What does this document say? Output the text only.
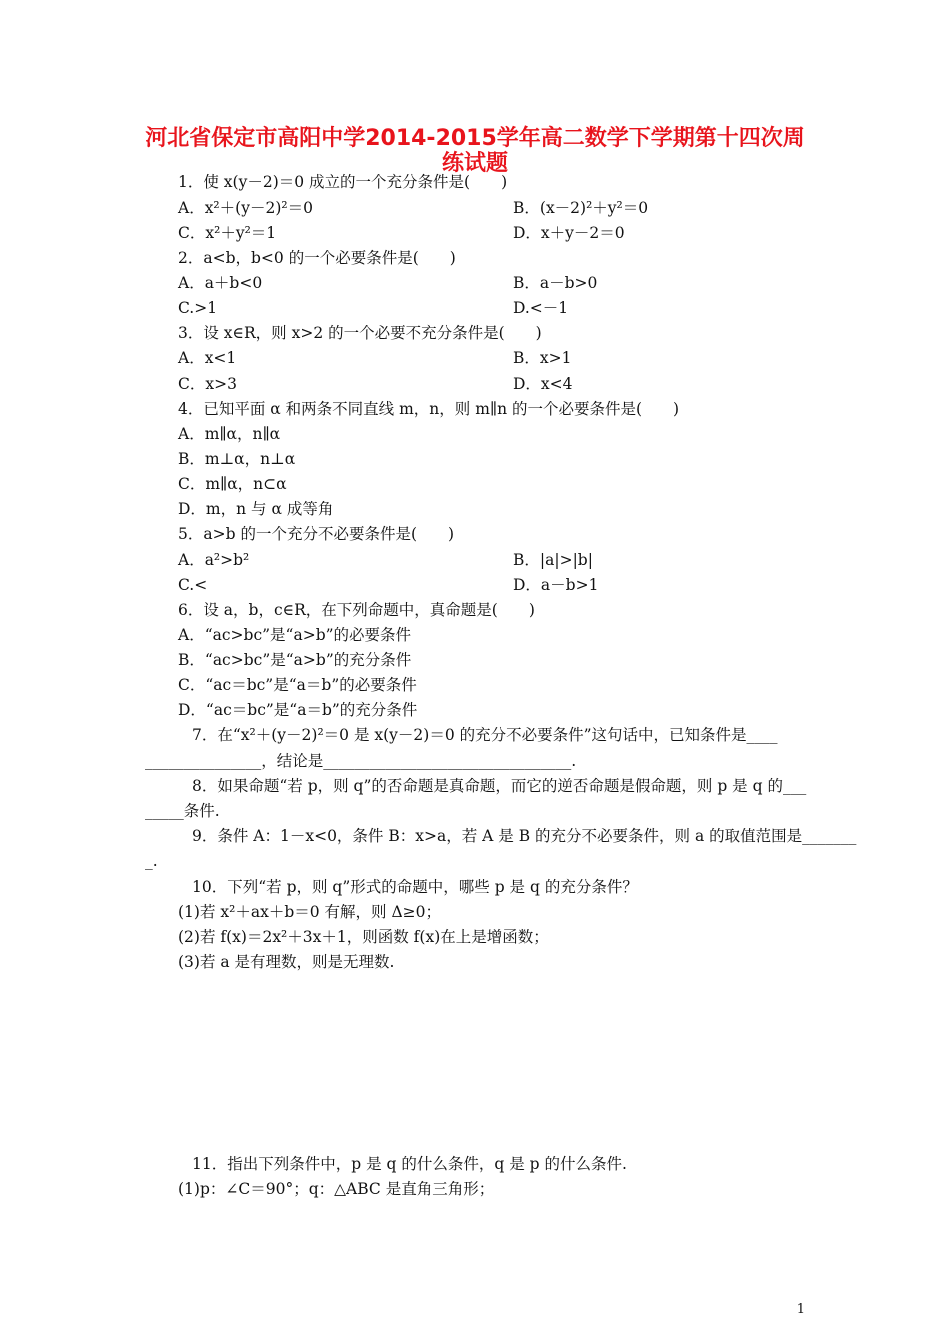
河北省保定市高阳中学2014-2015学年高二数学下学期第十四次周
练试题
1．使 x(y－2)＝0 成立的一个充分条件是(　　)
A．x²＋(y－2)²＝0	B．(x－2)²＋y²＝0
C．x²＋y²＝1	D．x＋y－2＝0
2．a<b，b<0 的一个必要条件是(　　)
A．a＋b<0	B．a－b>0
C.>1	D.<－1
3．设 x∈R，则 x>2 的一个必要不充分条件是(　　)
A．x<1	B．x>1
C．x>3	D．x<4
4．已知平面 α 和两条不同直线 m，n，则 m∥n 的一个必要条件是(　　)
A．m∥α，n∥α
B．m⊥α，n⊥α
C．m∥α，n⊂α
D．m，n 与 α 成等角
5．a>b 的一个充分不必要条件是(　　)
A．a²>b²	B．|a|>|b|
C.<	D．a－b>1
6．设 a，b，c∈R，在下列命题中，真命题是(　　)
A．“ac>bc”是“a>b”的必要条件
B．“ac>bc”是“a>b”的充分条件
C．“ac＝bc”是“a＝b”的必要条件
D．“ac＝bc”是“a＝b”的充分条件
7．在“x²＋(y－2)²＝0 是 x(y－2)＝0 的充分不必要条件”这句话中，已知条件是____
_______________，结论是________________________________.
8．如果命题“若 p，则 q”的否命题是真命题，而它的逆否命题是假命题，则 p 是 q 的___
_____条件.
9．条件 A：1－x<0，条件 B：x>a，若 A 是 B 的充分不必要条件，则 a 的取值范围是_______
_.
10．下列“若 p，则 q”形式的命题中，哪些 p 是 q 的充分条件？
(1)若 x²＋ax＋b＝0 有解，则 Δ≥0；
(2)若 f(x)＝2x²＋3x＋1，则函数 f(x)在上是增函数；
(3)若 a 是有理数，则是无理数.
11．指出下列条件中，p 是 q 的什么条件，q 是 p 的什么条件.
(1)p：∠C＝90°；q：△ABC 是直角三角形；
1
